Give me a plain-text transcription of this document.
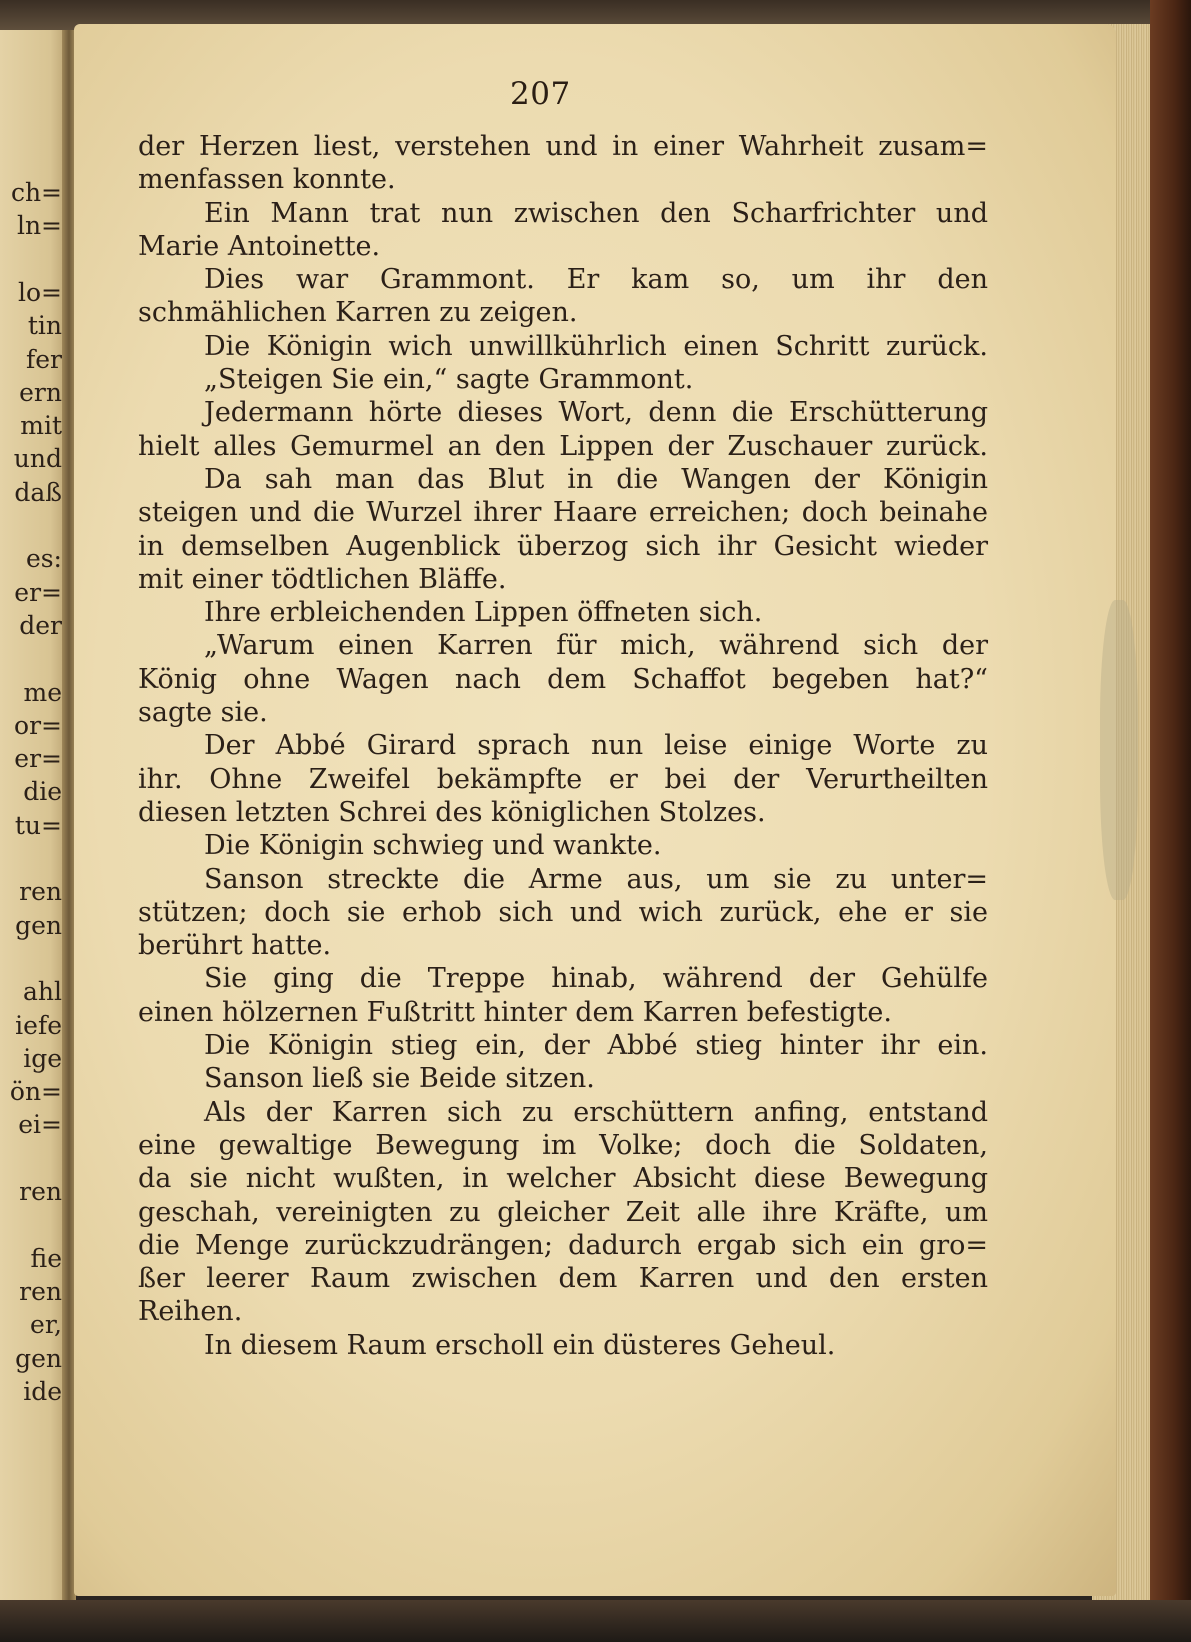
ch=
ln=
lo=
tin
fer
ern
mit
und
daß
es:
er=
der
me
or=
er=
die
tu=
ren
gen
ahl
iefe
ige
ön=
ei=
ren
fie
ren
er,
gen
ide
207
der Herzen liest, verstehen und in einer Wahrheit zusam=
menfassen konnte.
Ein Mann trat nun zwischen den Scharfrichter und
Marie Antoinette.
Dies war Grammont. Er kam so, um ihr den
schmählichen Karren zu zeigen.
Die Königin wich unwillkührlich einen Schritt zurück.
„Steigen Sie ein,“ sagte Grammont.
Jedermann hörte dieses Wort, denn die Erschütterung
hielt alles Gemurmel an den Lippen der Zuschauer zurück.
Da sah man das Blut in die Wangen der Königin
steigen und die Wurzel ihrer Haare erreichen; doch beinahe
in demselben Augenblick überzog sich ihr Gesicht wieder
mit einer tödtlichen Bläffe.
Ihre erbleichenden Lippen öffneten sich.
„Warum einen Karren für mich, während sich der
König ohne Wagen nach dem Schaffot begeben hat?“
sagte sie.
Der Abbé Girard sprach nun leise einige Worte zu
ihr. Ohne Zweifel bekämpfte er bei der Verurtheilten
diesen letzten Schrei des königlichen Stolzes.
Die Königin schwieg und wankte.
Sanson streckte die Arme aus, um sie zu unter=
stützen; doch sie erhob sich und wich zurück, ehe er sie
berührt hatte.
Sie ging die Treppe hinab, während der Gehülfe
einen hölzernen Fußtritt hinter dem Karren befestigte.
Die Königin stieg ein, der Abbé stieg hinter ihr ein.
Sanson ließ sie Beide sitzen.
Als der Karren sich zu erschüttern anfing, entstand
eine gewaltige Bewegung im Volke; doch die Soldaten,
da sie nicht wußten, in welcher Absicht diese Bewegung
geschah, vereinigten zu gleicher Zeit alle ihre Kräfte, um
die Menge zurückzudrängen; dadurch ergab sich ein gro=
ßer leerer Raum zwischen dem Karren und den ersten
Reihen.
In diesem Raum erscholl ein düsteres Geheul.
